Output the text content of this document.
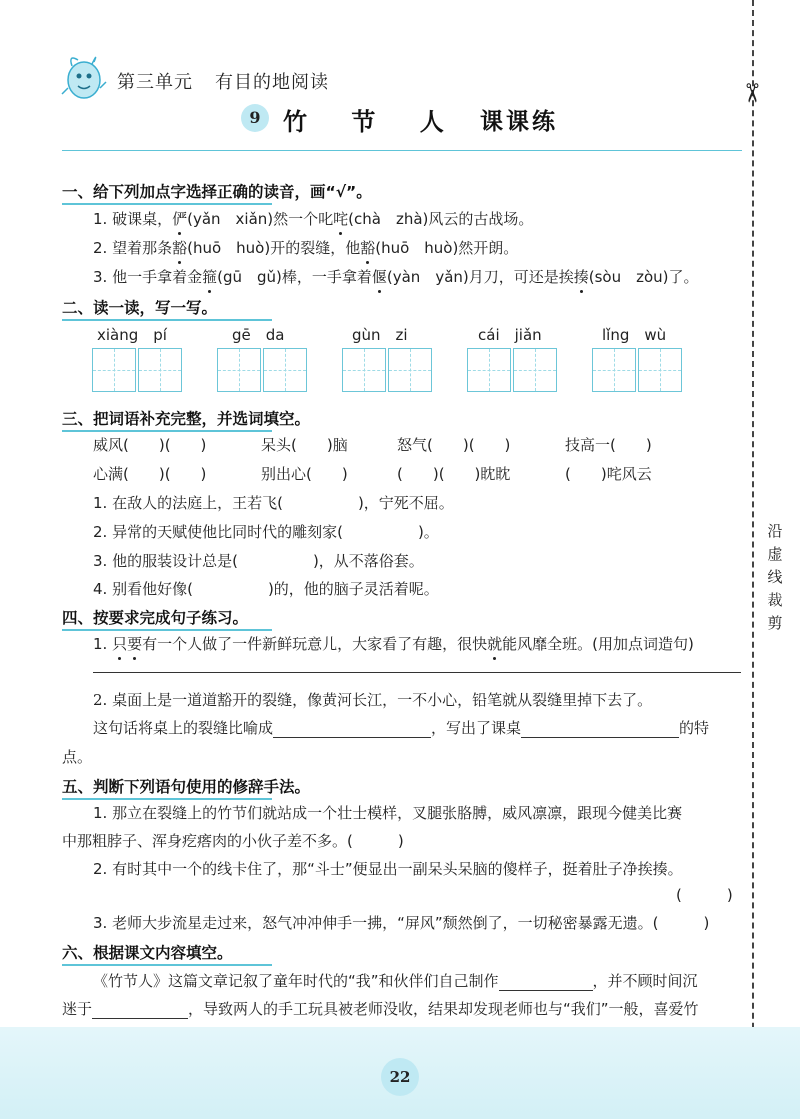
✂
沿
虚
线
裁
剪
第三单元 有目的地阅读
9 竹 节 人 课课练
一、给下列加点字选择正确的读音，画“√”。
1. 破课桌，俨(yǎn　xiǎn)然一个叱咤(chà　zhà)风云的古战场。
2. 望着那条豁(huō　huò)开的裂缝，他豁(huō　huò)然开朗。
3. 他一手拿着金箍(gū　gǔ)棒，一手拿着偃(yàn　yǎn)月刀，可还是挨揍(sòu　zòu)了。
二、读一读，写一写。
xiàng　pí	gē　da	gùn　zi	cái　jiǎn	lǐng　wù
三、把词语补充完整，并选词填空。
威风(　　)(　　)	呆头(　　)脑	怒气(　　)(　　)	技高一(　　)
心满(　　)(　　)	别出心(　　)	(　　)(　　)眈眈	(　　)咤风云
1. 在敌人的法庭上，王若飞(　　　　　	)，宁死不屈。
2. 异常的天赋使他比同时代的雕刻家(　　　　　	)。
3. 他的服装设计总是(　　　　　	)，从不落俗套。
4. 别看他好像(　　　　　	)的，他的脑子灵活着呢。
四、按要求完成句子练习。
1. 只要有一个人做了一件新鲜玩意儿，大家看了有趣，很快就能风靡全班。(用加点词造句)
2. 桌面上是一道道豁开的裂缝，像黄河长江，一不小心，铅笔就从裂缝里掉下去了。
这句话将桌上的裂缝比喻成	，写出了课桌	的特
点。
五、判断下列语句使用的修辞手法。
1. 那立在裂缝上的竹节们就站成一个壮士模样，叉腿张胳膊，威风凛凛，跟现今健美比赛
中那粗脖子、浑身疙瘩肉的小伙子差不多。(　　　)
2. 有时其中一个的线卡住了，那“斗士”便显出一副呆头呆脑的傻样子，挺着肚子净挨揍。
(　　　)
3. 老师大步流星走过来，怒气冲冲伸手一拂，“屏风”颓然倒了，一切秘密暴露无遗。(　　　)
六、根据课文内容填空。
《竹节人》这篇文章记叙了童年时代的“我”和伙伴们自己制作	，并不顾时间沉
迷于	，导致两人的手工玩具被老师没收，结果却发现老师也与“我们”一般，喜爱竹
22
